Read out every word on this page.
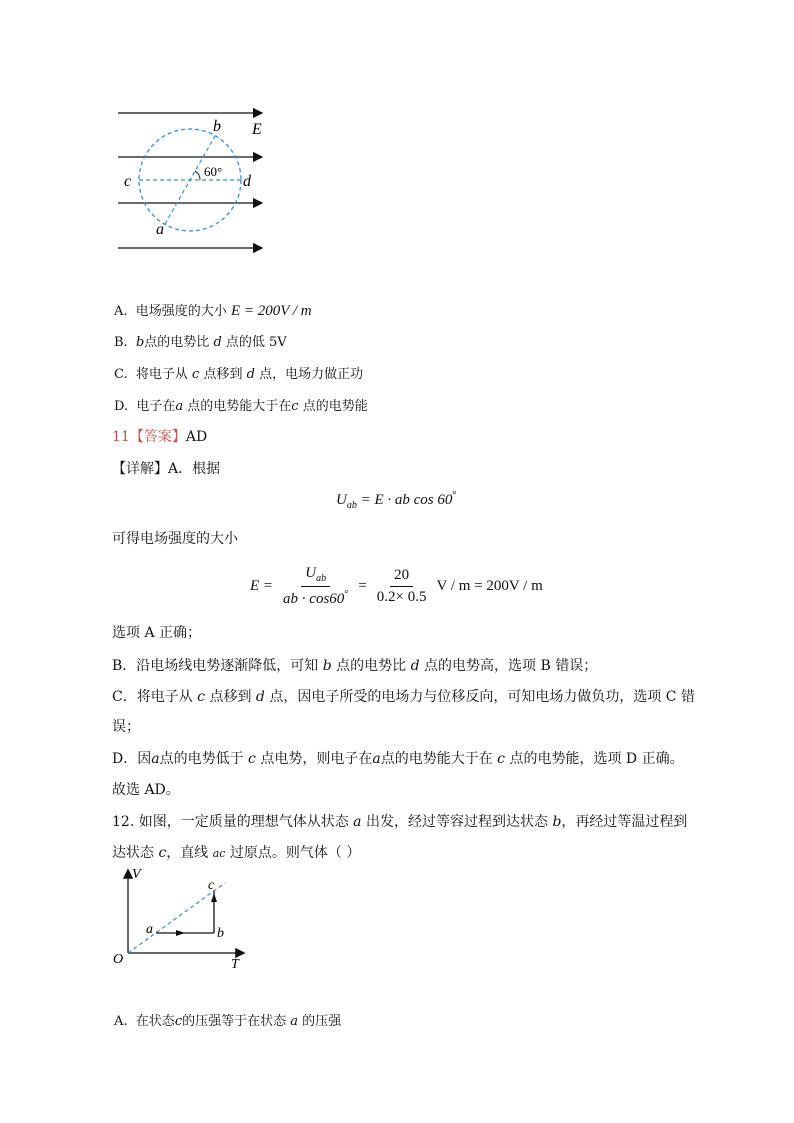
b E
c	d
a
60°
A. 电场强度的大小 E = 200V / m
B. b点的电势比 d 点的低 5V
C. 将电子从 c 点移到 d 点，电场力做正功
D. 电子在a 点的电势能大于在c 点的电势能
11【答案】AD
【详解】A．根据
$U_{ab} = E$ · ab cos 60°
可得电场强度的大小
$E = \frac{U_{ab}}{ab \cdot \cos 60^\circ} = \frac{20}{0.2\times 0.5}$ V / m = 200V / m
选项 A 正确；
B．沿电场线电势逐渐降低，可知 b 点的电势比 d 点的电势高，选项 B 错误；
C．将电子从 c 点移到 d 点，因电子所受的电场力与位移反向，可知电场力做负功，选项 C 错
误；
D．因a点的电势低于 c 点电势，则电子在a点的电势能大于在 c 点的电势能，选项 D 正确。
故选 AD。
12. 如图，一定质量的理想气体从状态 a 出发，经过等容过程到达状态 b，再经过等温过程到
达状态 c，直线 ac 过原点。则气体（ ）
V
T
O
a	b
c
A. 在状态c的压强等于在状态 a 的压强
